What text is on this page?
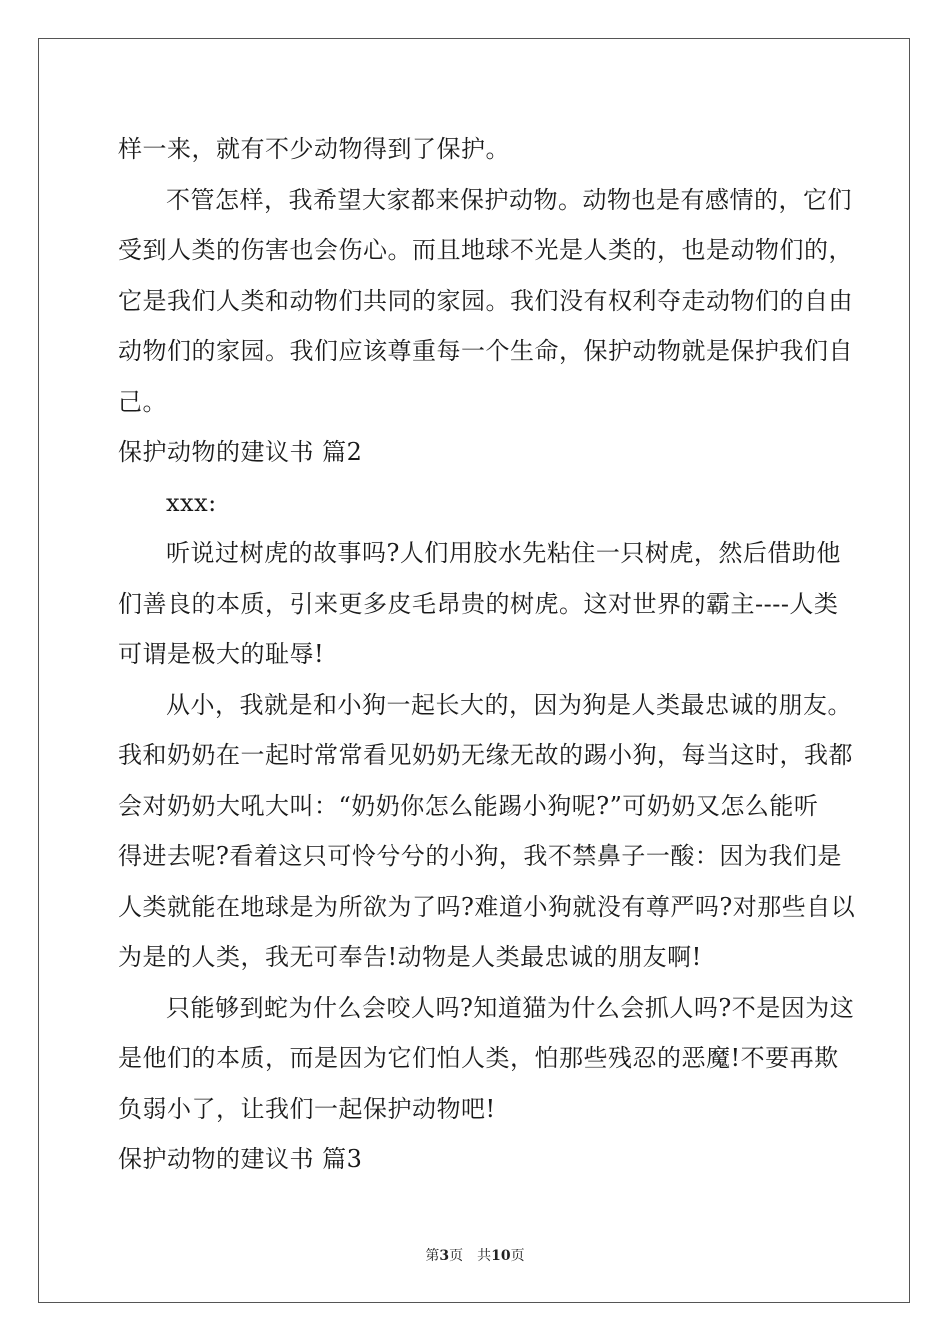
样一来，就有不少动物得到了保护。
不管怎样，我希望大家都来保护动物。动物也是有感情的，它们
受到人类的伤害也会伤心。而且地球不光是人类的，也是动物们的，
它是我们人类和动物们共同的家园。我们没有权利夺走动物们的自由
动物们的家园。我们应该尊重每一个生命，保护动物就是保护我们自
己。
保护动物的建议书 篇2
xxx:
听说过树虎的故事吗?人们用胶水先粘住一只树虎，然后借助他
们善良的本质，引来更多皮毛昂贵的树虎。这对世界的霸主----人类
可谓是极大的耻辱!
从小，我就是和小狗一起长大的，因为狗是人类最忠诚的朋友。
我和奶奶在一起时常常看见奶奶无缘无故的踢小狗，每当这时，我都
会对奶奶大吼大叫：“奶奶你怎么能踢小狗呢?”可奶奶又怎么能听
得进去呢?看着这只可怜兮兮的小狗，我不禁鼻子一酸：因为我们是
人类就能在地球是为所欲为了吗?难道小狗就没有尊严吗?对那些自以
为是的人类，我无可奉告!动物是人类最忠诚的朋友啊!
只能够到蛇为什么会咬人吗?知道猫为什么会抓人吗?不是因为这
是他们的本质，而是因为它们怕人类，怕那些残忍的恶魔!不要再欺
负弱小了，让我们一起保护动物吧!
保护动物的建议书 篇3
第3页 共10页
